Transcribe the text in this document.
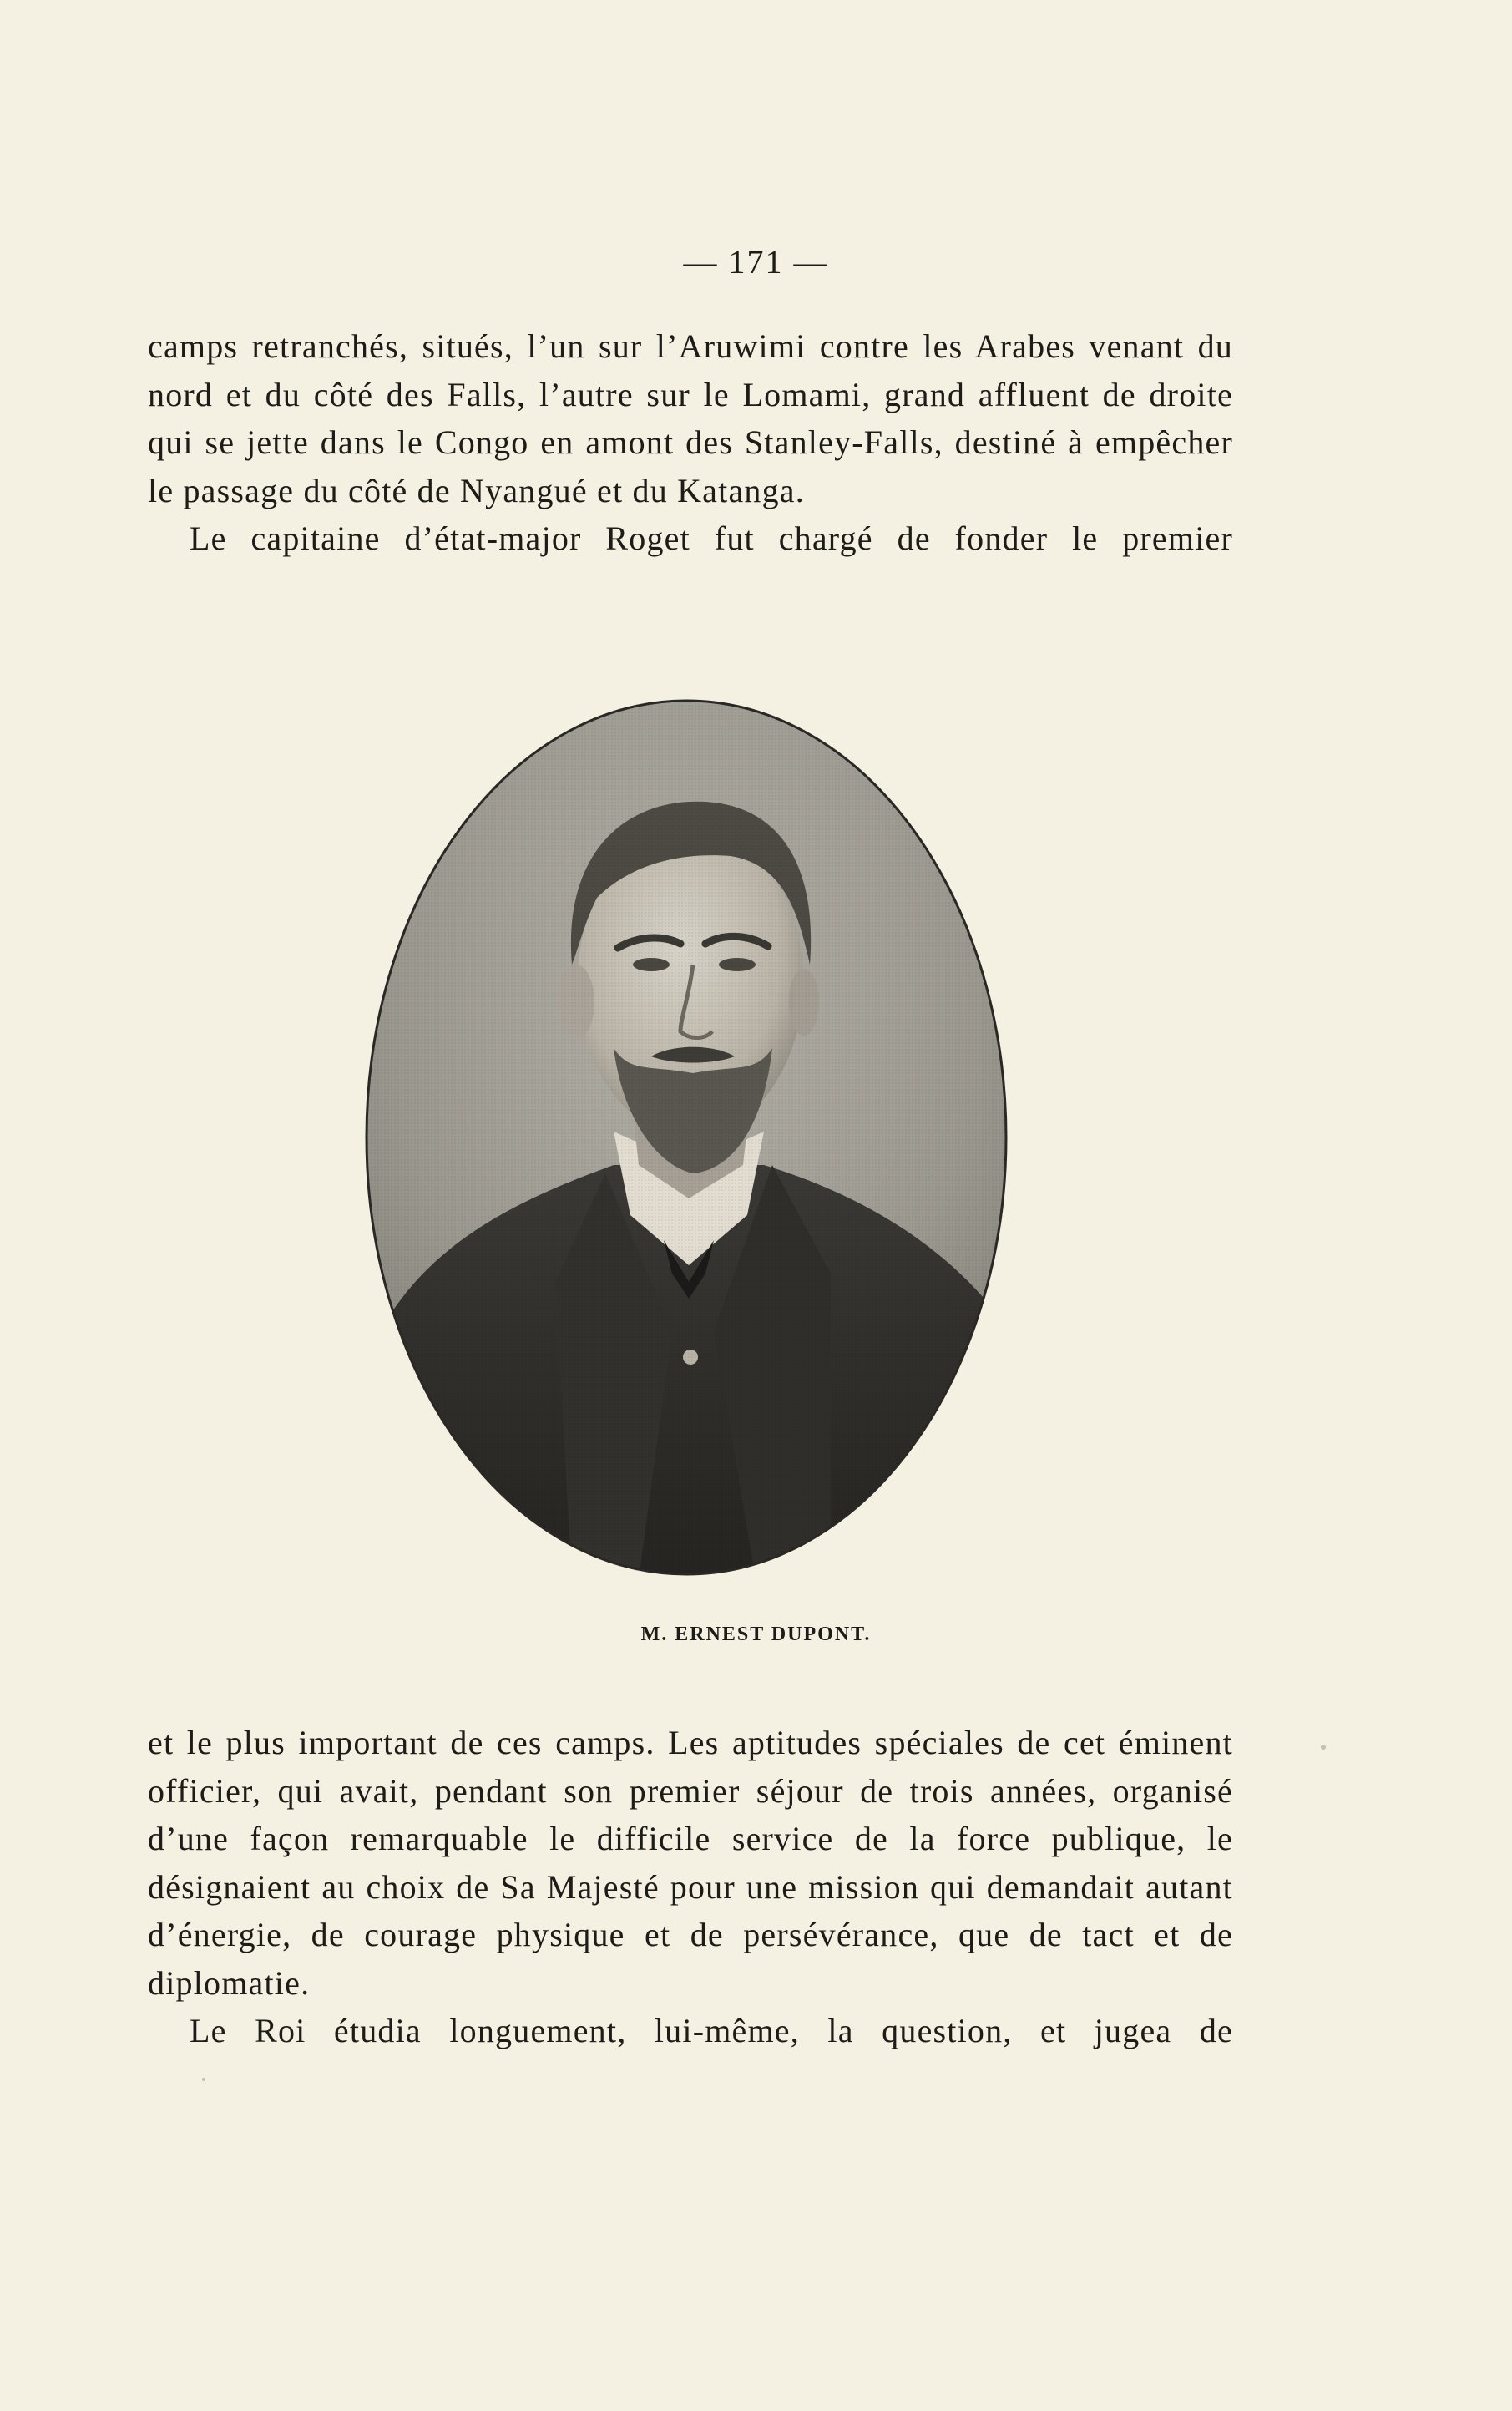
— 171 —

camps retranchés, situés, l’un sur l’Aruwimi contre les Arabes venant du nord et du côté des Falls, l’autre sur le Lomami, grand affluent de droite qui se jette dans le Congo en amont des Stanley-Falls, destiné à empêcher le passage du côté de Nyangué et du Katanga.

Le capitaine d’état-major Roget fut chargé de fonder le premier

M. ERNEST DUPONT.

et le plus important de ces camps. Les aptitudes spéciales de cet éminent officier, qui avait, pendant son premier séjour de trois années, organisé d’une façon remarquable le difficile service de la force publique, le désignaient au choix de Sa Majesté pour une mission qui demandait autant d’énergie, de courage physique et de persévérance, que de tact et de diplomatie.

Le Roi étudia longuement, lui-même, la question, et jugea de
